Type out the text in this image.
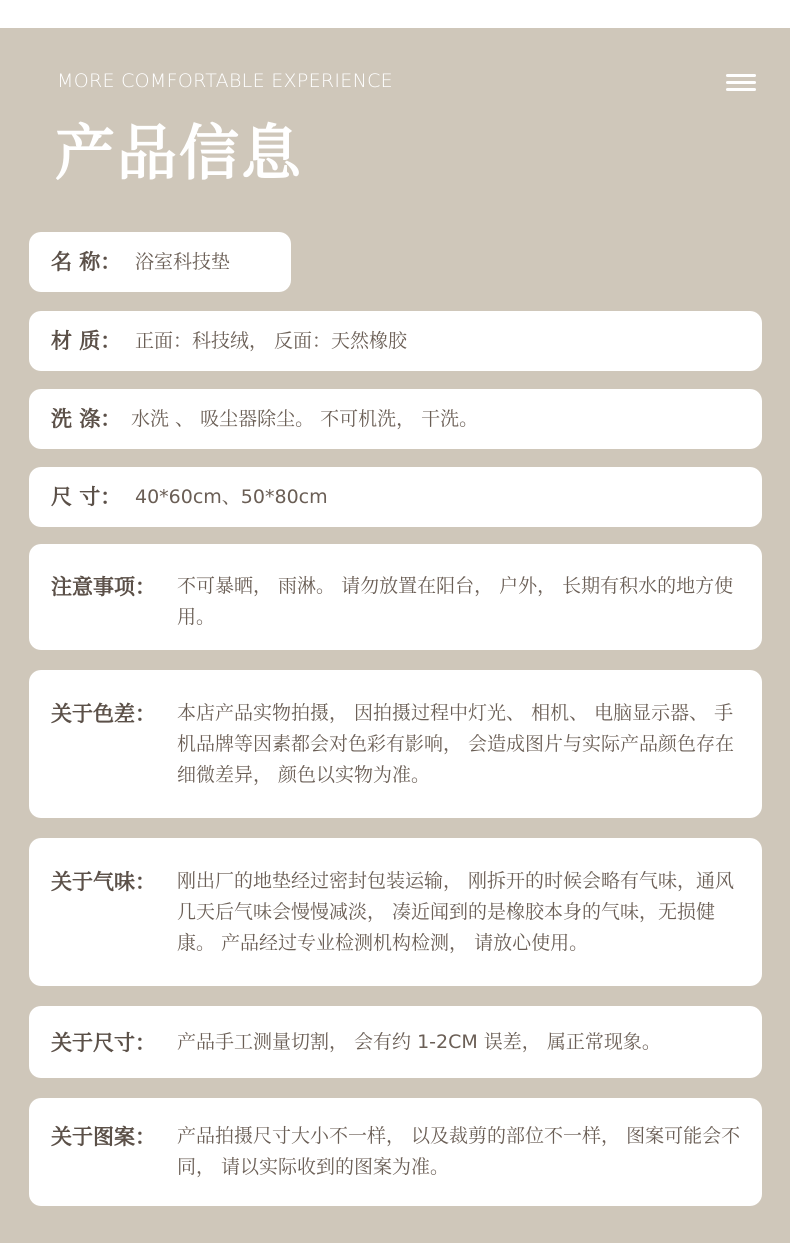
MORE COMFORTABLE EXPERIENCE
产品信息
名 称： 浴室科技垫
材 质： 正面：科技绒， 反面：天然橡胶
洗 涤： 水洗 、 吸尘器除尘。 不可机洗， 干洗。
尺 寸： 40*60cm、50*80cm
注意事项： 不可暴晒， 雨淋。 请勿放置在阳台， 户外， 长期有积水的地方使用。
关于色差： 本店产品实物拍摄， 因拍摄过程中灯光、 相机、 电脑显示器、 手机品牌等因素都会对色彩有影响， 会造成图片与实际产品颜色存在细微差异， 颜色以实物为准。
关于气味： 刚出厂的地垫经过密封包装运输， 刚拆开的时候会略有气味，通风几天后气味会慢慢减淡， 凑近闻到的是橡胶本身的气味，无损健康。 产品经过专业检测机构检测， 请放心使用。
关于尺寸： 产品手工测量切割， 会有约 1-2CM 误差， 属正常现象。
关于图案： 产品拍摄尺寸大小不一样， 以及裁剪的部位不一样， 图案可能会不同， 请以实际收到的图案为准。
